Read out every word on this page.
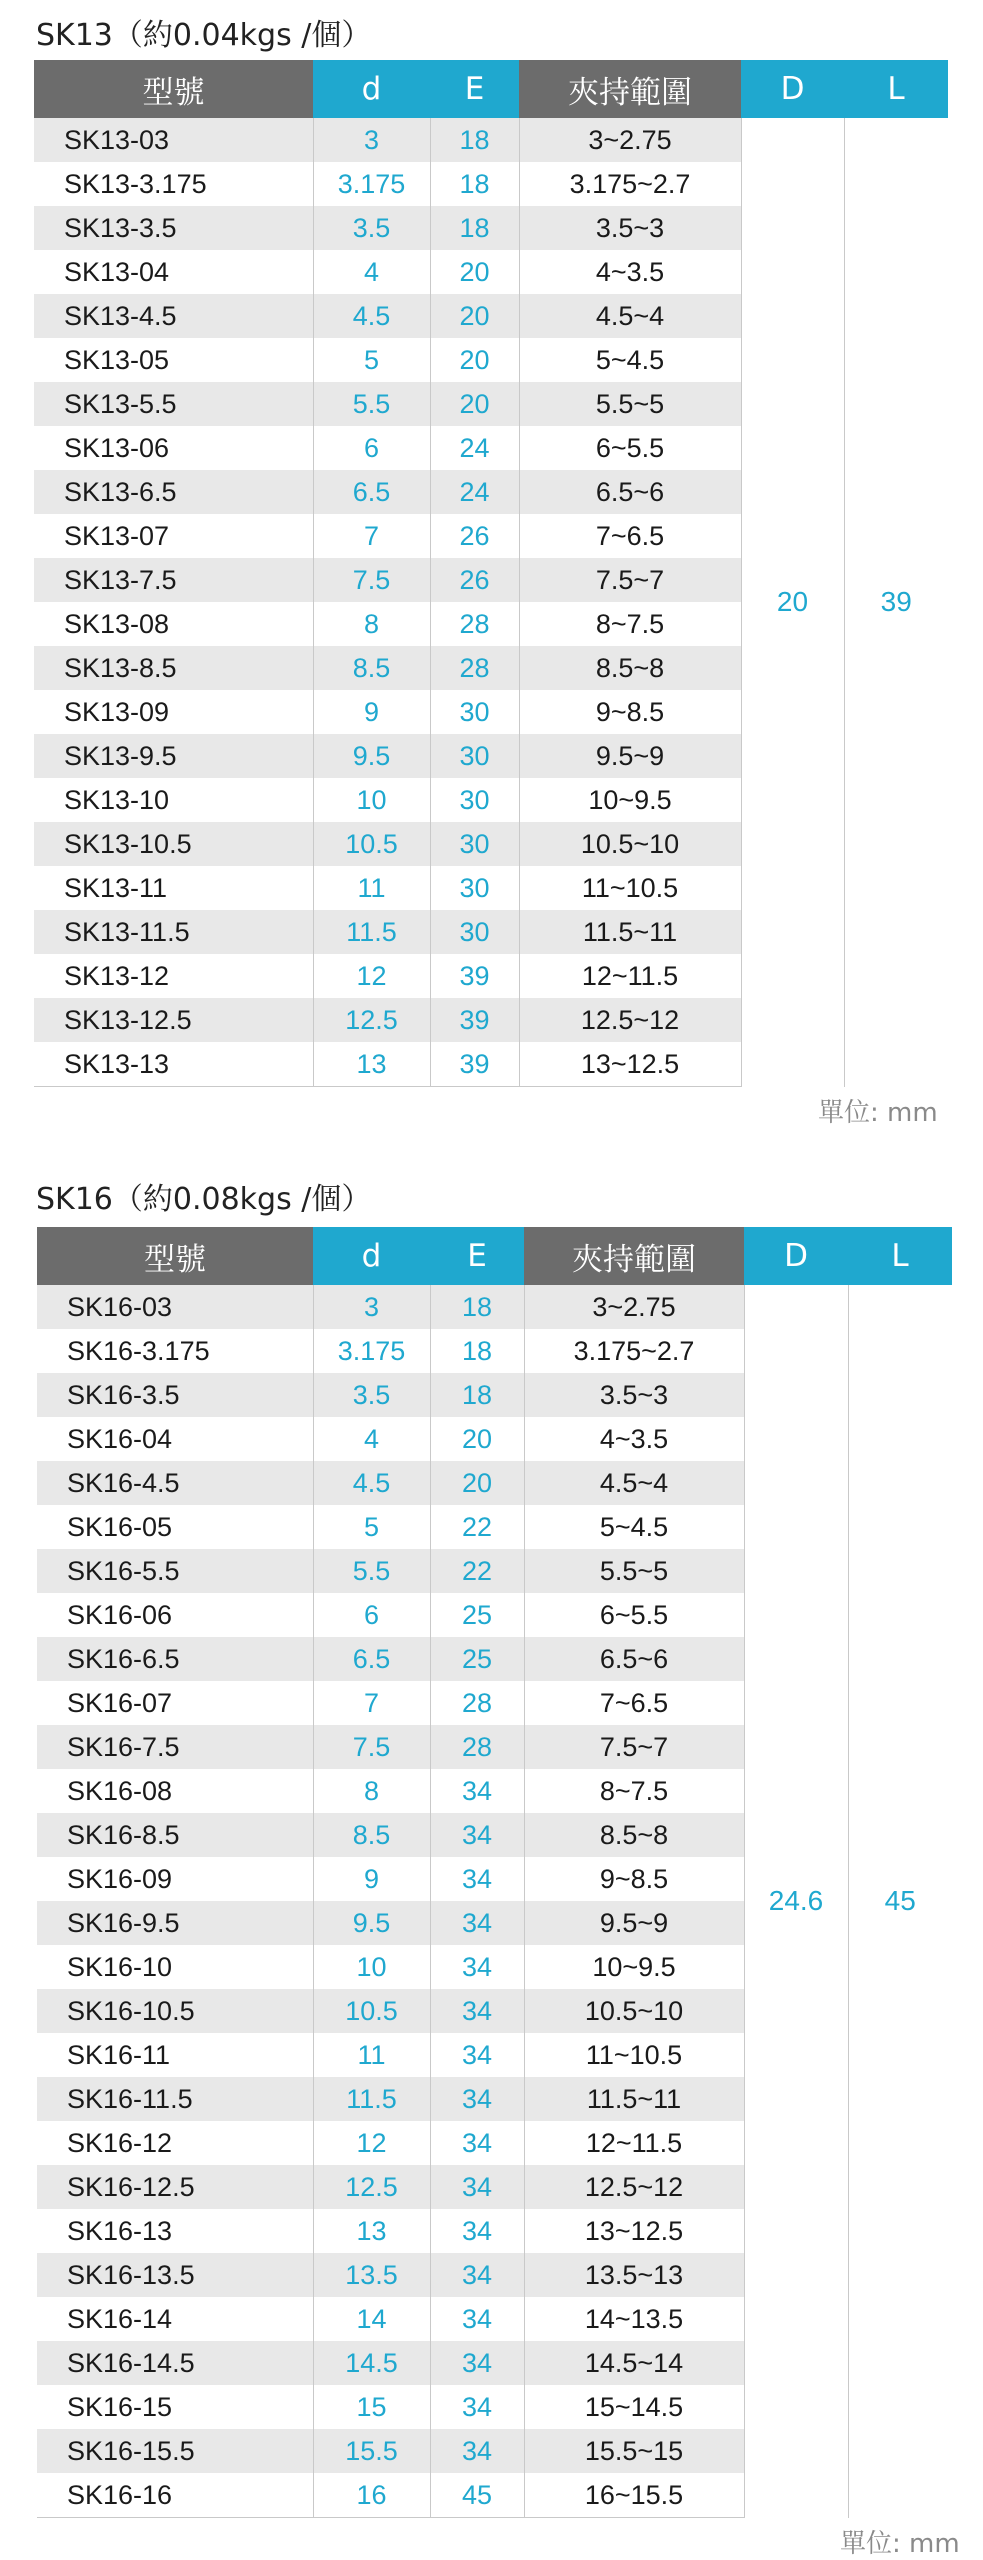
SK13（約0.04kgs /個）
型號	d	E	夾持範圍	D	L
SK13-03	3	18	3~2.75	20	39
SK13-3.175	3.175	18	3.175~2.7		
SK13-3.5	3.5	18	3.5~3		
SK13-04	4	20	4~3.5		
SK13-4.5	4.5	20	4.5~4		
SK13-05	5	20	5~4.5		
SK13-5.5	5.5	20	5.5~5		
SK13-06	6	24	6~5.5		
SK13-6.5	6.5	24	6.5~6		
SK13-07	7	26	7~6.5		
SK13-7.5	7.5	26	7.5~7		
SK13-08	8	28	8~7.5		
SK13-8.5	8.5	28	8.5~8		
SK13-09	9	30	9~8.5		
SK13-9.5	9.5	30	9.5~9		
SK13-10	10	30	10~9.5		
SK13-10.5	10.5	30	10.5~10		
SK13-11	11	30	11~10.5		
SK13-11.5	11.5	30	11.5~11		
SK13-12	12	39	12~11.5		
SK13-12.5	12.5	39	12.5~12		
SK13-13	13	39	13~12.5		
單位: mm
SK16（約0.08kgs /個）
型號	d	E	夾持範圍	D	L
SK16-03	3	18	3~2.75	24.6	45
SK16-3.175	3.175	18	3.175~2.7		
SK16-3.5	3.5	18	3.5~3		
SK16-04	4	20	4~3.5		
SK16-4.5	4.5	20	4.5~4		
SK16-05	5	22	5~4.5		
SK16-5.5	5.5	22	5.5~5		
SK16-06	6	25	6~5.5		
SK16-6.5	6.5	25	6.5~6		
SK16-07	7	28	7~6.5		
SK16-7.5	7.5	28	7.5~7		
SK16-08	8	34	8~7.5		
SK16-8.5	8.5	34	8.5~8		
SK16-09	9	34	9~8.5		
SK16-9.5	9.5	34	9.5~9		
SK16-10	10	34	10~9.5		
SK16-10.5	10.5	34	10.5~10		
SK16-11	11	34	11~10.5		
SK16-11.5	11.5	34	11.5~11		
SK16-12	12	34	12~11.5		
SK16-12.5	12.5	34	12.5~12		
SK16-13	13	34	13~12.5		
SK16-13.5	13.5	34	13.5~13		
SK16-14	14	34	14~13.5		
SK16-14.5	14.5	34	14.5~14		
SK16-15	15	34	15~14.5		
SK16-15.5	15.5	34	15.5~15		
SK16-16	16	45	16~15.5		
單位: mm
